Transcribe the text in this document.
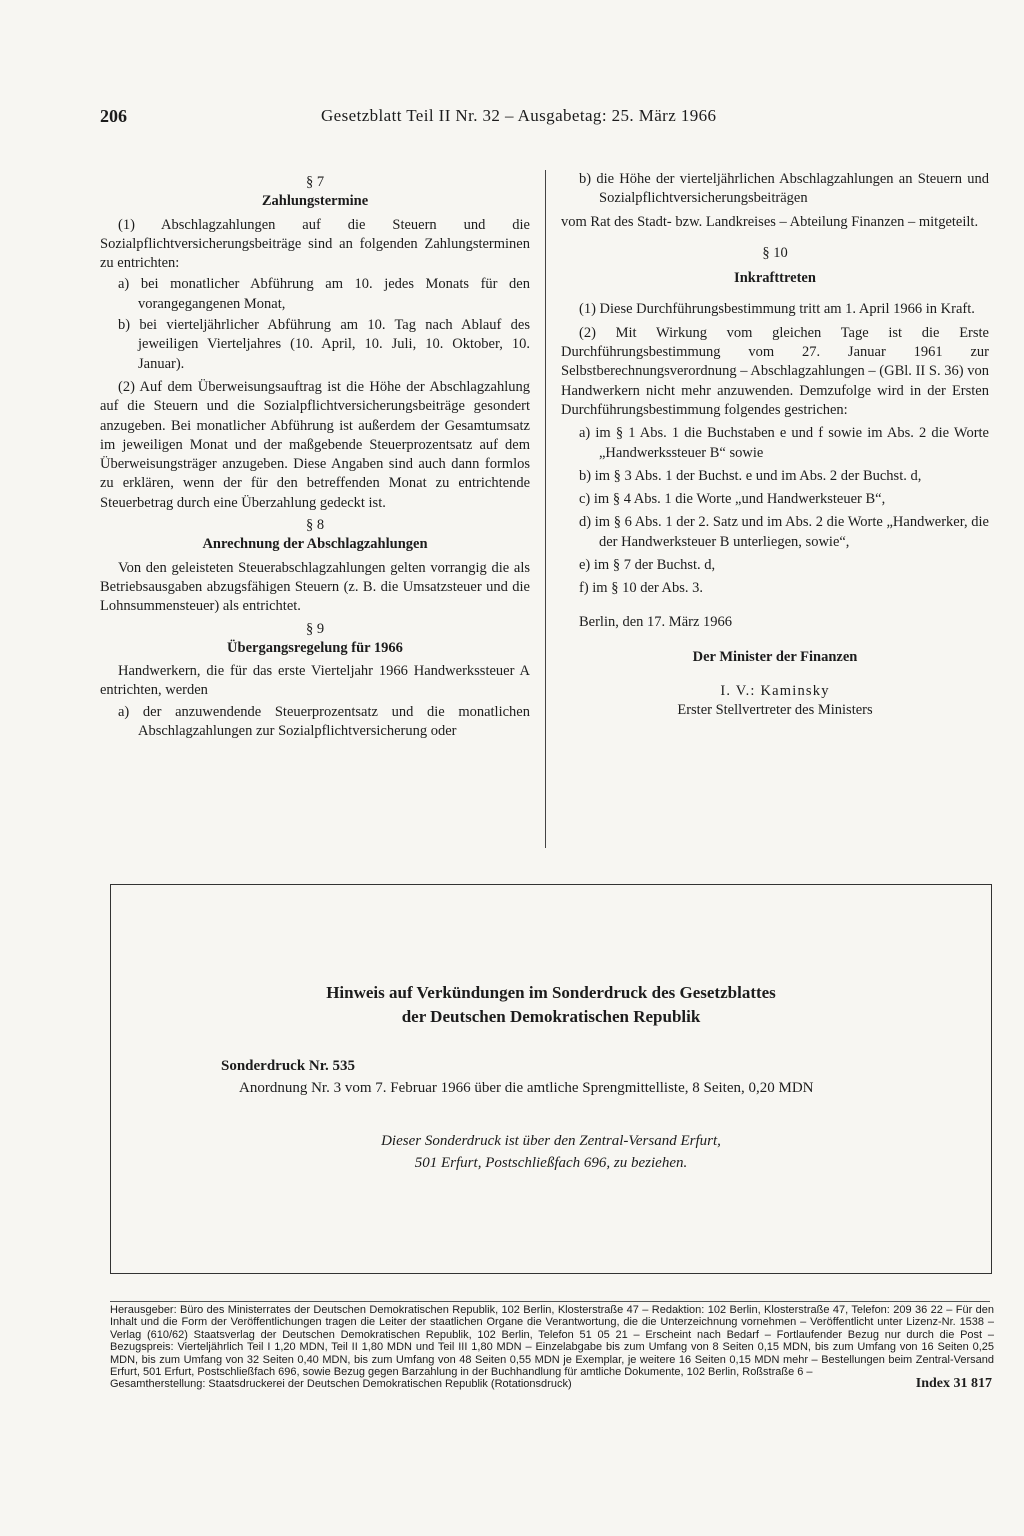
206	Gesetzblatt Teil II Nr. 32 – Ausgabetag: 25. März 1966

§ 7

Zahlungstermine

(1) Abschlagzahlungen auf die Steuern und die Sozialpflichtversicherungsbeiträge sind an folgenden Zahlungsterminen zu entrichten:

a) bei monatlicher Abführung am 10. jedes Monats für den vorangegangenen Monat,

b) bei vierteljährlicher Abführung am 10. Tag nach Ablauf des jeweiligen Vierteljahres (10. April, 10. Juli, 10. Oktober, 10. Januar).

(2) Auf dem Überweisungsauftrag ist die Höhe der Abschlagzahlung auf die Steuern und die Sozialpflichtversicherungsbeiträge gesondert anzugeben. Bei monatlicher Abführung ist außerdem der Gesamtumsatz im jeweiligen Monat und der maßgebende Steuerprozentsatz auf dem Überweisungsträger anzugeben. Diese Angaben sind auch dann formlos zu erklären, wenn der für den betreffenden Monat zu entrichtende Steuerbetrag durch eine Überzahlung gedeckt ist.

§ 8

Anrechnung der Abschlagzahlungen

Von den geleisteten Steuerabschlagzahlungen gelten vorrangig die als Betriebsausgaben abzugsfähigen Steuern (z. B. die Umsatzsteuer und die Lohnsummensteuer) als entrichtet.

§ 9

Übergangsregelung für 1966

Handwerkern, die für das erste Vierteljahr 1966 Handwerkssteuer A entrichten, werden

a) der anzuwendende Steuerprozentsatz und die monatlichen Abschlagzahlungen zur Sozialpflichtversicherung oder

b) die Höhe der vierteljährlichen Abschlagzahlungen an Steuern und Sozialpflichtversicherungsbeiträgen

vom Rat des Stadt- bzw. Landkreises – Abteilung Finanzen – mitgeteilt.

§ 10

Inkrafttreten

(1) Diese Durchführungsbestimmung tritt am 1. April 1966 in Kraft.

(2) Mit Wirkung vom gleichen Tage ist die Erste Durchführungsbestimmung vom 27. Januar 1961 zur Selbstberechnungsverordnung – Abschlagzahlungen – (GBl. II S. 36) von Handwerkern nicht mehr anzuwenden. Demzufolge wird in der Ersten Durchführungsbestimmung folgendes gestrichen:

a) im § 1 Abs. 1 die Buchstaben e und f sowie im Abs. 2 die Worte „Handwerkssteuer B“ sowie

b) im § 3 Abs. 1 der Buchst. e und im Abs. 2 der Buchst. d,

c) im § 4 Abs. 1 die Worte „und Handwerksteuer B“,

d) im § 6 Abs. 1 der 2. Satz und im Abs. 2 die Worte „Handwerker, die der Handwerksteuer B unterliegen, sowie“,

e) im § 7 der Buchst. d,

f) im § 10 der Abs. 3.

Berlin, den 17. März 1966

Der Minister der Finanzen

I. V.: Kaminsky

Erster Stellvertreter des Ministers

Hinweis auf Verkündungen im Sonderdruck des Gesetzblattes
der Deutschen Demokratischen Republik
Sonderdruck Nr. 535
Anordnung Nr. 3 vom 7. Februar 1966 über die amtliche Sprengmittelliste, 8 Seiten, 0,20 MDN
Dieser Sonderdruck ist über den Zentral-Versand Erfurt,
501 Erfurt, Postschließfach 696, zu beziehen.
Herausgeber: Büro des Ministerrates der Deutschen Demokratischen Republik, 102 Berlin, Klosterstraße 47 – Redaktion: 102 Berlin, Klosterstraße 47, Telefon: 209 36 22 – Für den Inhalt und die Form der Veröffentlichungen tragen die Leiter der staatlichen Organe die Verantwortung, die die Unterzeichnung vornehmen – Veröffentlicht unter Lizenz-Nr. 1538 – Verlag (610/62) Staatsverlag der Deutschen Demokratischen Republik, 102 Berlin, Telefon 51 05 21 – Erscheint nach Bedarf – Fortlaufender Bezug nur durch die Post – Bezugspreis: Vierteljährlich Teil I 1,20 MDN, Teil II 1,80 MDN und Teil III 1,80 MDN – Einzelabgabe bis zum Umfang von 8 Seiten 0,15 MDN, bis zum Umfang von 16 Seiten 0,25 MDN, bis zum Umfang von 32 Seiten 0,40 MDN, bis zum Umfang von 48 Seiten 0,55 MDN je Exemplar, je weitere 16 Seiten 0,15 MDN mehr – Bestellungen beim Zentral-Versand Erfurt, 501 Erfurt, Postschließfach 696, sowie Bezug gegen Barzahlung in der Buchhandlung für amtliche Dokumente, 102 Berlin, Roßstraße 6 –
Gesamtherstellung: Staatsdruckerei der Deutschen Demokratischen Republik (Rotationsdruck)	Index 31 817
